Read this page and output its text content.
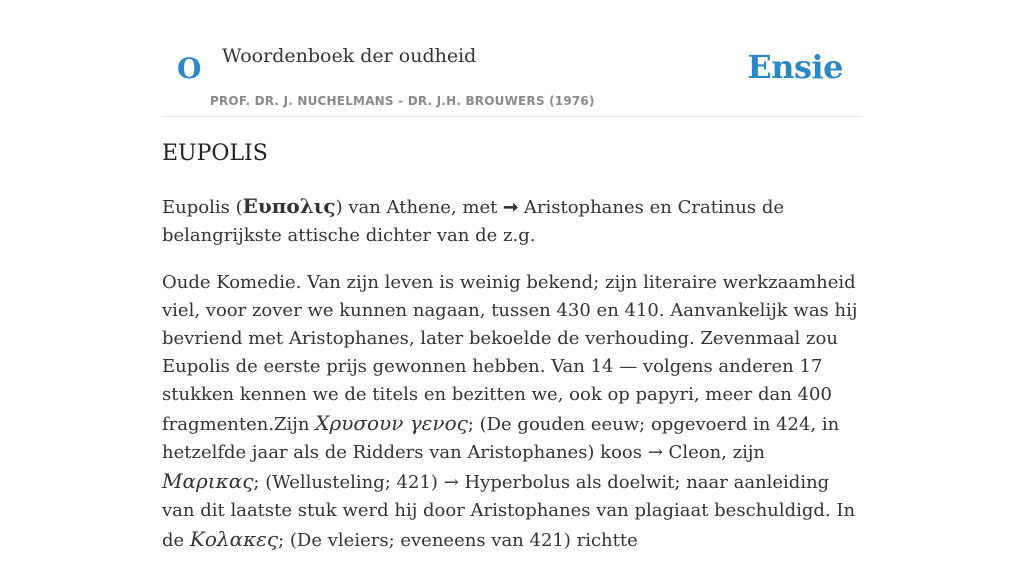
O Woordenboek der oudheid
PROF. DR. J. NUCHELMANS - DR. J.H. BROUWERS (1976)
Ensie
EUPOLIS

Eupolis (Ευπολις) van Athene, met ➞ Aristophanes en Cratinus de belangrijkste attische dichter van de z.g.

Oude Komedie. Van zijn leven is weinig bekend; zijn literaire werkzaamheid viel, voor zover we kunnen nagaan, tussen 430 en 410. Aanvankelijk was hij bevriend met Aristophanes, later bekoelde de verhouding. Zevenmaal zou Eupolis de eerste prijs gewonnen hebben. Van 14 — volgens anderen 17 stukken kennen we de titels en bezitten we, ook op papyri, meer dan 400 fragmenten.Zijn Χρυσουν γενος; (De gouden eeuw; opgevoerd in 424, in hetzelfde jaar als de Ridders van Aristophanes) koos → Cleon, zijn Μαρικας; (Wellusteling; 421) → Hyperbolus als doelwit; naar aanleiding van dit laatste stuk werd hij door Aristophanes van plagiaat beschuldigd. In de Κολακες; (De vleiers; eveneens van 421) richtte
